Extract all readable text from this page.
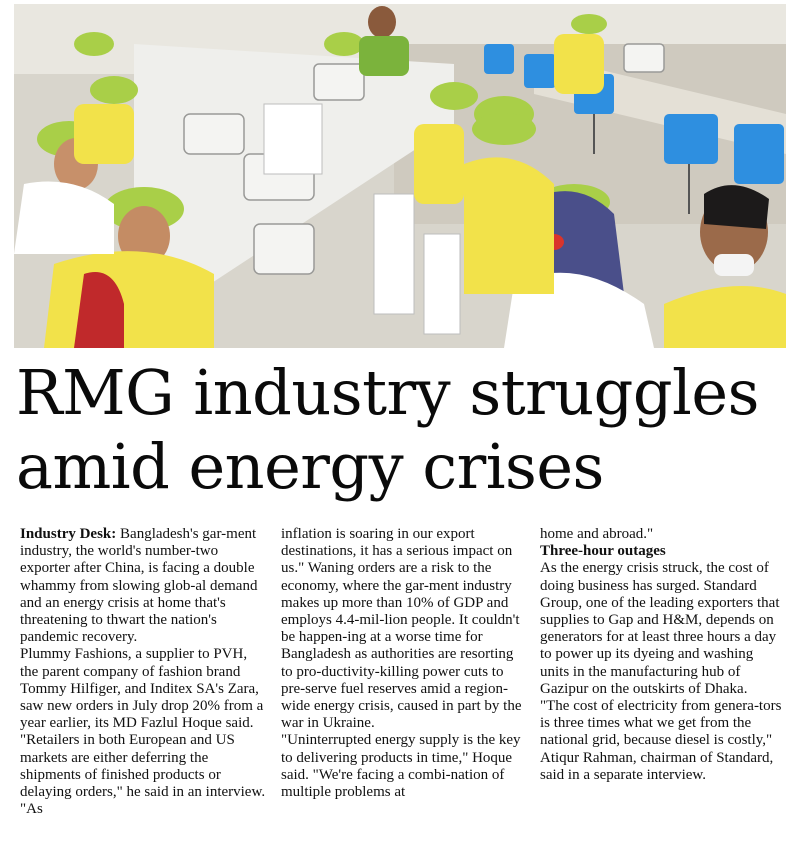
RMG industry struggles
amid energy crises

Industry Desk: Bangladesh's gar-ment industry, the world's number-two exporter after China, is facing a double whammy from slowing glob-al demand and an energy crisis at home that's threatening to thwart the nation's pandemic recovery.

Plummy Fashions, a supplier to PVH, the parent company of fashion brand Tommy Hilfiger, and Inditex SA's Zara, saw new orders in July drop 20% from a year earlier, its MD Fazlul Hoque said. "Retailers in both European and US markets are either deferring the shipments of finished products or delaying orders," he said in an interview. "As

inflation is soaring in our export destinations, it has a serious impact on us." Waning orders are a risk to the economy, where the gar-ment industry makes up more than 10% of GDP and employs 4.4-mil-lion people. It couldn't be happen-ing at a worse time for Bangladesh as authorities are resorting to pro-ductivity-killing power cuts to pre-serve fuel reserves amid a region-wide energy crisis, caused in part by the war in Ukraine.

"Uninterrupted energy supply is the key to delivering products in time," Hoque said. "We're facing a combi-nation of multiple problems at

home and abroad."

Three-hour outages

As the energy crisis struck, the cost of doing business has surged. Standard Group, one of the leading exporters that supplies to Gap and H&M, depends on generators for at least three hours a day to power up its dyeing and washing units in the manufacturing hub of Gazipur on the outskirts of Dhaka.

"The cost of electricity from genera-tors is three times what we get from the national grid, because diesel is costly," Atiqur Rahman, chairman of Standard, said in a separate interview.
